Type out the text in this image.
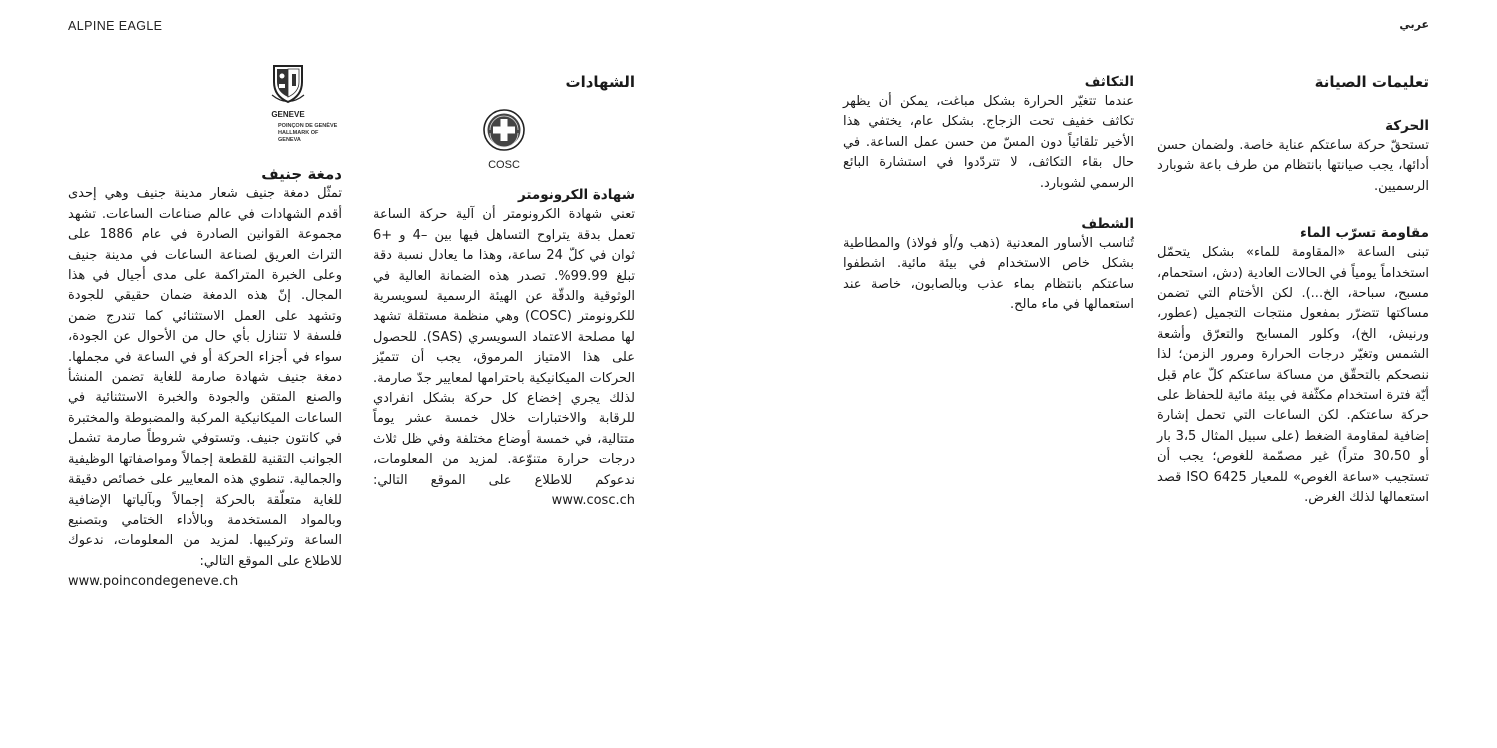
ALPINE EAGLE	عربي
تعليمات الصيانة
الحركة

تستحقّ حركة ساعتكم عناية خاصة. ولضمان حسن أدائها، يجب صيانتها بانتظام من طرف باعة شوبارد الرسميين.

مقاومة تسرّب الماء

تبنى الساعة «المقاومة للماء» بشكل يتحمّل استخداماً يومياً في الحالات العادية (دش، استحمام، مسبح، سباحة، الخ...). لكن الأختام التي تضمن مساكتها تتضرّر بمفعول منتجات التجميل (عطور، ورنيش، الخ)، وكلور المسابح والتعرّق وأشعة الشمس وتغيّر درجات الحرارة ومرور الزمن؛ لذا ننصحكم بالتحقّق من مساكة ساعتكم كلّ عام قبل أيّة فترة استخدام مكثّفة في بيئة مائية للحفاظ على حركة ساعتكم. لكن الساعات التي تحمل إشارة إضافية لمقاومة الضغط (على سبيل المثال 3،5 بار أو 30،50 متراً) غير مصمّمة للغوص؛ يجب أن تستجيب «ساعة الغوص» للمعيار ISO 6425 قصد استعمالها لذلك الغرض.

التكاثف

عندما تتغيّر الحرارة بشكل مباغت، يمكن أن يظهر تكاثف خفيف تحت الزجاج. بشكل عام، يختفي هذا الأخير تلقائياً دون المسّ من حسن عمل الساعة. في حال بقاء التكاثف، لا تتردّدوا في استشارة البائع الرسمي لشوبارد.

الشطف

تُناسب الأساور المعدنية (ذهب و/أو فولاذ) والمطاطية بشكل خاص الاستخدام في بيئة مائية. اشطفوا ساعتكم بانتظام بماء عذب وبالصابون، خاصة عند استعمالها في ماء مالح.

الشهادات
COSC
شهادة الكرونومتر

تعني شهادة الكرونومتر أن آلية حركة الساعة تعمل بدقة يتراوح التساهل فيها بين –4 و +6 ثوان في كلّ 24 ساعة، وهذا ما يعادل نسبة دقة تبلغ 99.99%. تصدر هذه الضمانة العالية في الوثوقية والدقّة عن الهيئة الرسمية لسويسرية للكرونومتر (COSC) وهي منظمة مستقلة تشهد لها مصلحة الاعتماد السويسري (SAS). للحصول على هذا الامتياز المرموق، يجب أن تتميّز الحركات الميكانيكية باحترامها لمعايير جدّ صارمة. لذلك يجري إخضاع كل حركة بشكل انفرادي للرقابة والاختبارات خلال خمسة عشر يوماً متتالية، في خمسة أوضاع مختلفة وفي ظل ثلاث درجات حرارة متنوّعة. لمزيد من المعلومات، ندعوكم للاطلاع على الموقع التالي: www.cosc.ch

GENEVE
POINÇON DE GENÈVE
HALLMARK OF GENEVA
دمغة جنيف

تمثّل دمغة جنيف شعار مدينة جنيف وهي إحدى أقدم الشهادات في عالم صناعات الساعات. تشهد مجموعة القوانين الصادرة في عام 1886 على التراث العريق لصناعة الساعات في مدينة جنيف وعلى الخبرة المتراكمة على مدى أجيال في هذا المجال. إنّ هذه الدمغة ضمان حقيقي للجودة وتشهد على العمل الاستثنائي كما تندرج ضمن فلسفة لا تتنازل بأي حال من الأحوال عن الجودة، سواء في أجزاء الحركة أو في الساعة في مجملها. دمغة جنيف شهادة صارمة للغاية تضمن المنشأ والصنع المتقن والجودة والخبرة الاستثنائية في الساعات الميكانيكية المركبة والمضبوطة والمختبرة في كانتون جنيف. وتستوفي شروطاً صارمة تشمل الجوانب التقنية للقطعة إجمالاً ومواصفاتها الوظيفية والجمالية. تنطوي هذه المعايير على خصائص دقيقة للغاية متعلّقة بالحركة إجمالاً وبآلياتها الإضافية وبالمواد المستخدمة وبالأداء الختامي وبتصنيع الساعة وتركيبها. لمزيد من المعلومات، ندعوك للاطلاع على الموقع التالي:

www.poincondegeneve.ch
